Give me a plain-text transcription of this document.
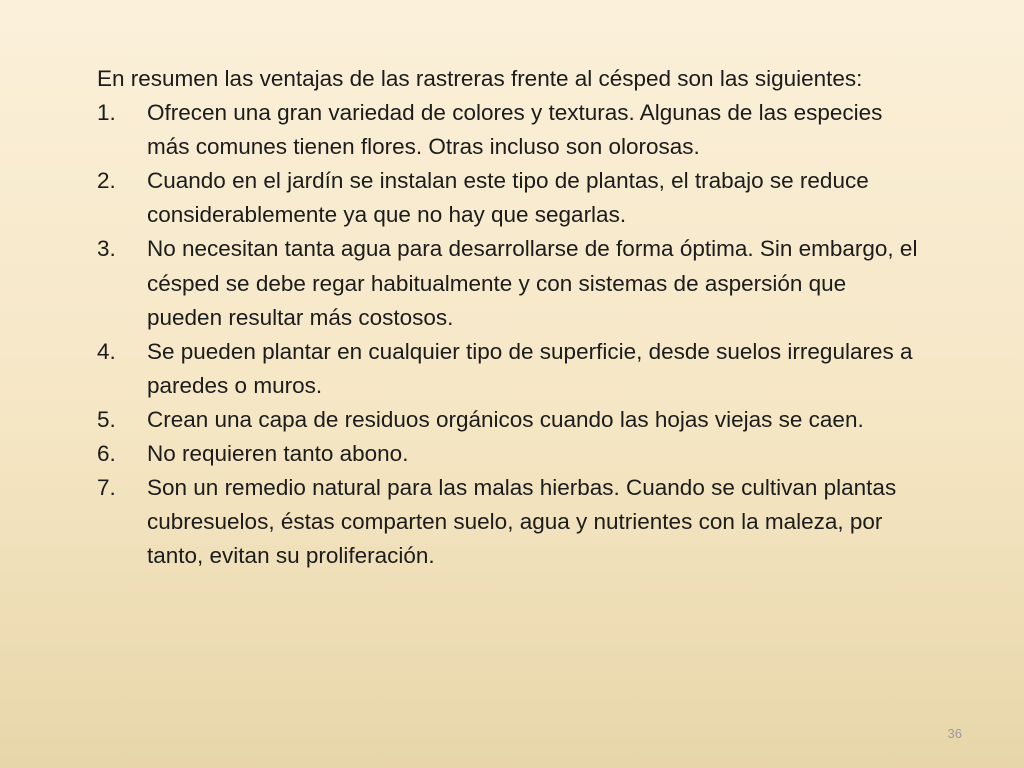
En resumen las ventajas de las rastreras frente al césped son las siguientes:

1.	Ofrecen una gran variedad de colores y texturas. Algunas de las especies más comunes tienen flores. Otras incluso son olorosas.
2.	Cuando en el jardín se instalan este tipo de plantas, el trabajo se reduce considerablemente ya que no hay que segarlas.
3.	No necesitan tanta agua para desarrollarse de forma óptima. Sin embargo, el césped se debe regar habitualmente y con sistemas de aspersión que pueden resultar más costosos.
4.	Se pueden plantar en cualquier tipo de superficie, desde suelos irregulares a paredes o muros.
5.	Crean una capa de residuos orgánicos cuando las hojas viejas se caen.
6.	No requieren tanto abono.
7.	Son un remedio natural para las malas hierbas. Cuando se cultivan plantas cubresuelos, éstas comparten suelo, agua y nutrientes con la maleza, por tanto, evitan su proliferación.
36
